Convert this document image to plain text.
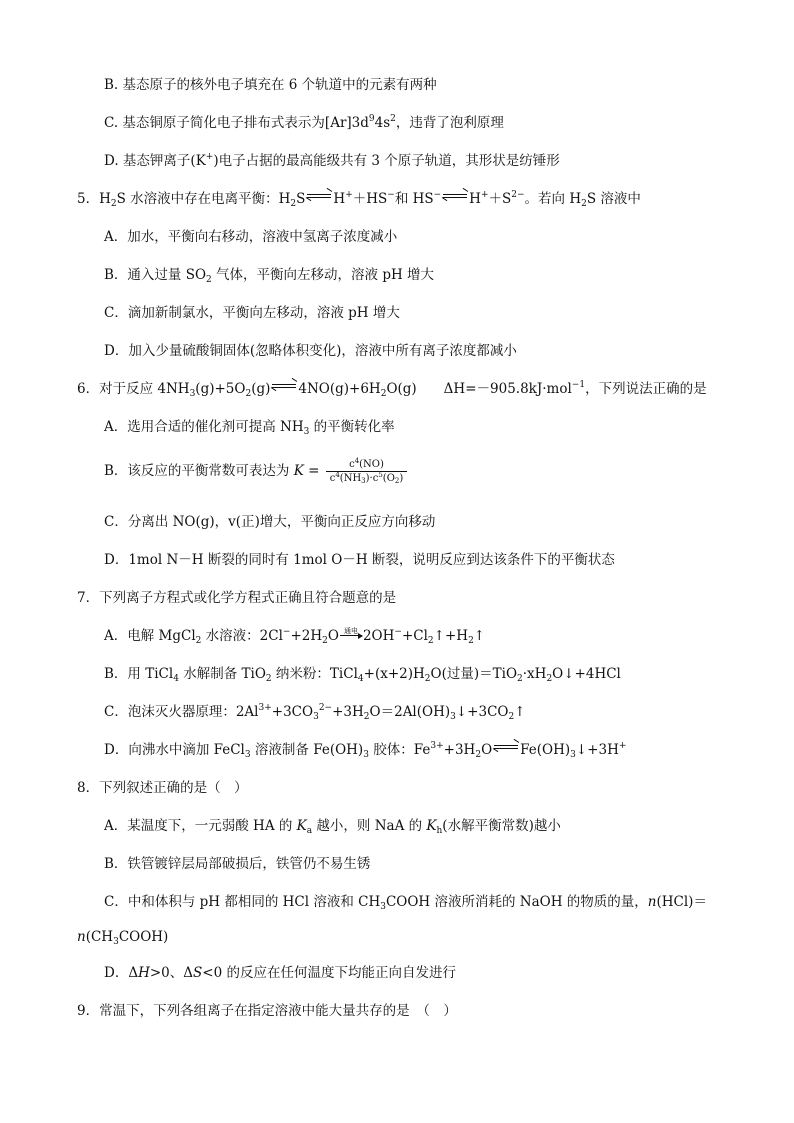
B. 基态原子的核外电子填充在 6 个轨道中的元素有两种
C. 基态铜原子简化电子排布式表示为$[Ar]3d^94s^2$，违背了泡利原理
D. 基态钾离子(K+)电子占据的最高能级共有 3 个原子轨道，其形状是纺锤形
5．$H_2S$ 水溶液中存在电离平衡：$H_2S$ H+＋HS−和 HS− $H^++S^{2-}$。若向 $H_2S$ 溶液中
A．加水，平衡向右移动，溶液中氢离子浓度减小
B．通入过量 $SO_2$ 气体，平衡向左移动，溶液 pH 增大
C．滴加新制氯水，平衡向左移动，溶液 pH 增大
D．加入少量硫酸铜固体(忽略体积变化)，溶液中所有离子浓度都减小
6．对于反应 $4NH_3(g)+5O_2(g)$ $4NO(g)+6H_2O(g)$　　ΔH=－905.8kJ·mol$^{-1}$，下列说法正确的是
A．选用合适的催化剂可提高 $NH_3$ 的平衡转化率
B．该反应的平衡常数可表达为 $K = \frac{c^4(NO)}{c^4(NH_3)\cdot c^5(O_2)}$
C．分离出 NO(g)，v(正)增大，平衡向正反应方向移动
D．1mol N－H 断裂的同时有 1mol O－H 断裂，说明反应到达该条件下的平衡状态
7．下列离子方程式或化学方程式正确且符合题意的是
A．电解 MgCl$_2$ 水溶液：$2Cl^-+2H_2O$ 通电 $2OH^-+Cl_2↑+H_2↑$
B．用 TiCl$_4$ 水解制备 TiO$_2$ 纳米粉：$TiCl_4+(x+2)H_2O$(过量)$=TiO_2\cdot xH_2O↓+4HCl$
C．泡沫灭火器原理：$2Al^{3+}+3CO_3^{2-}+3H_2O=2Al(OH)_3↓+3CO_2↑$
D．向沸水中滴加 FeCl$_3$ 溶液制备 $Fe(OH)_3$ 胶体：$Fe^{3+}+3H_2O$ $Fe(OH)_3↓+3H^+$
8．下列叙述正确的是（　）
A．某温度下，一元弱酸 HA 的 $K_a$ 越小，则 NaA 的 $K_h$(水解平衡常数)越小
B．铁管镀锌层局部破损后，铁管仍不易生锈
C．中和体积与 pH 都相同的 HCl 溶液和 $CH_3COOH$ 溶液所消耗的 NaOH 的物质的量，n(HCl)＝
$n(CH_3COOH)$
D．ΔH>0、ΔS<0 的反应在任何温度下均能正向自发进行
9．常温下，下列各组离子在指定溶液中能大量共存的是　（　）
